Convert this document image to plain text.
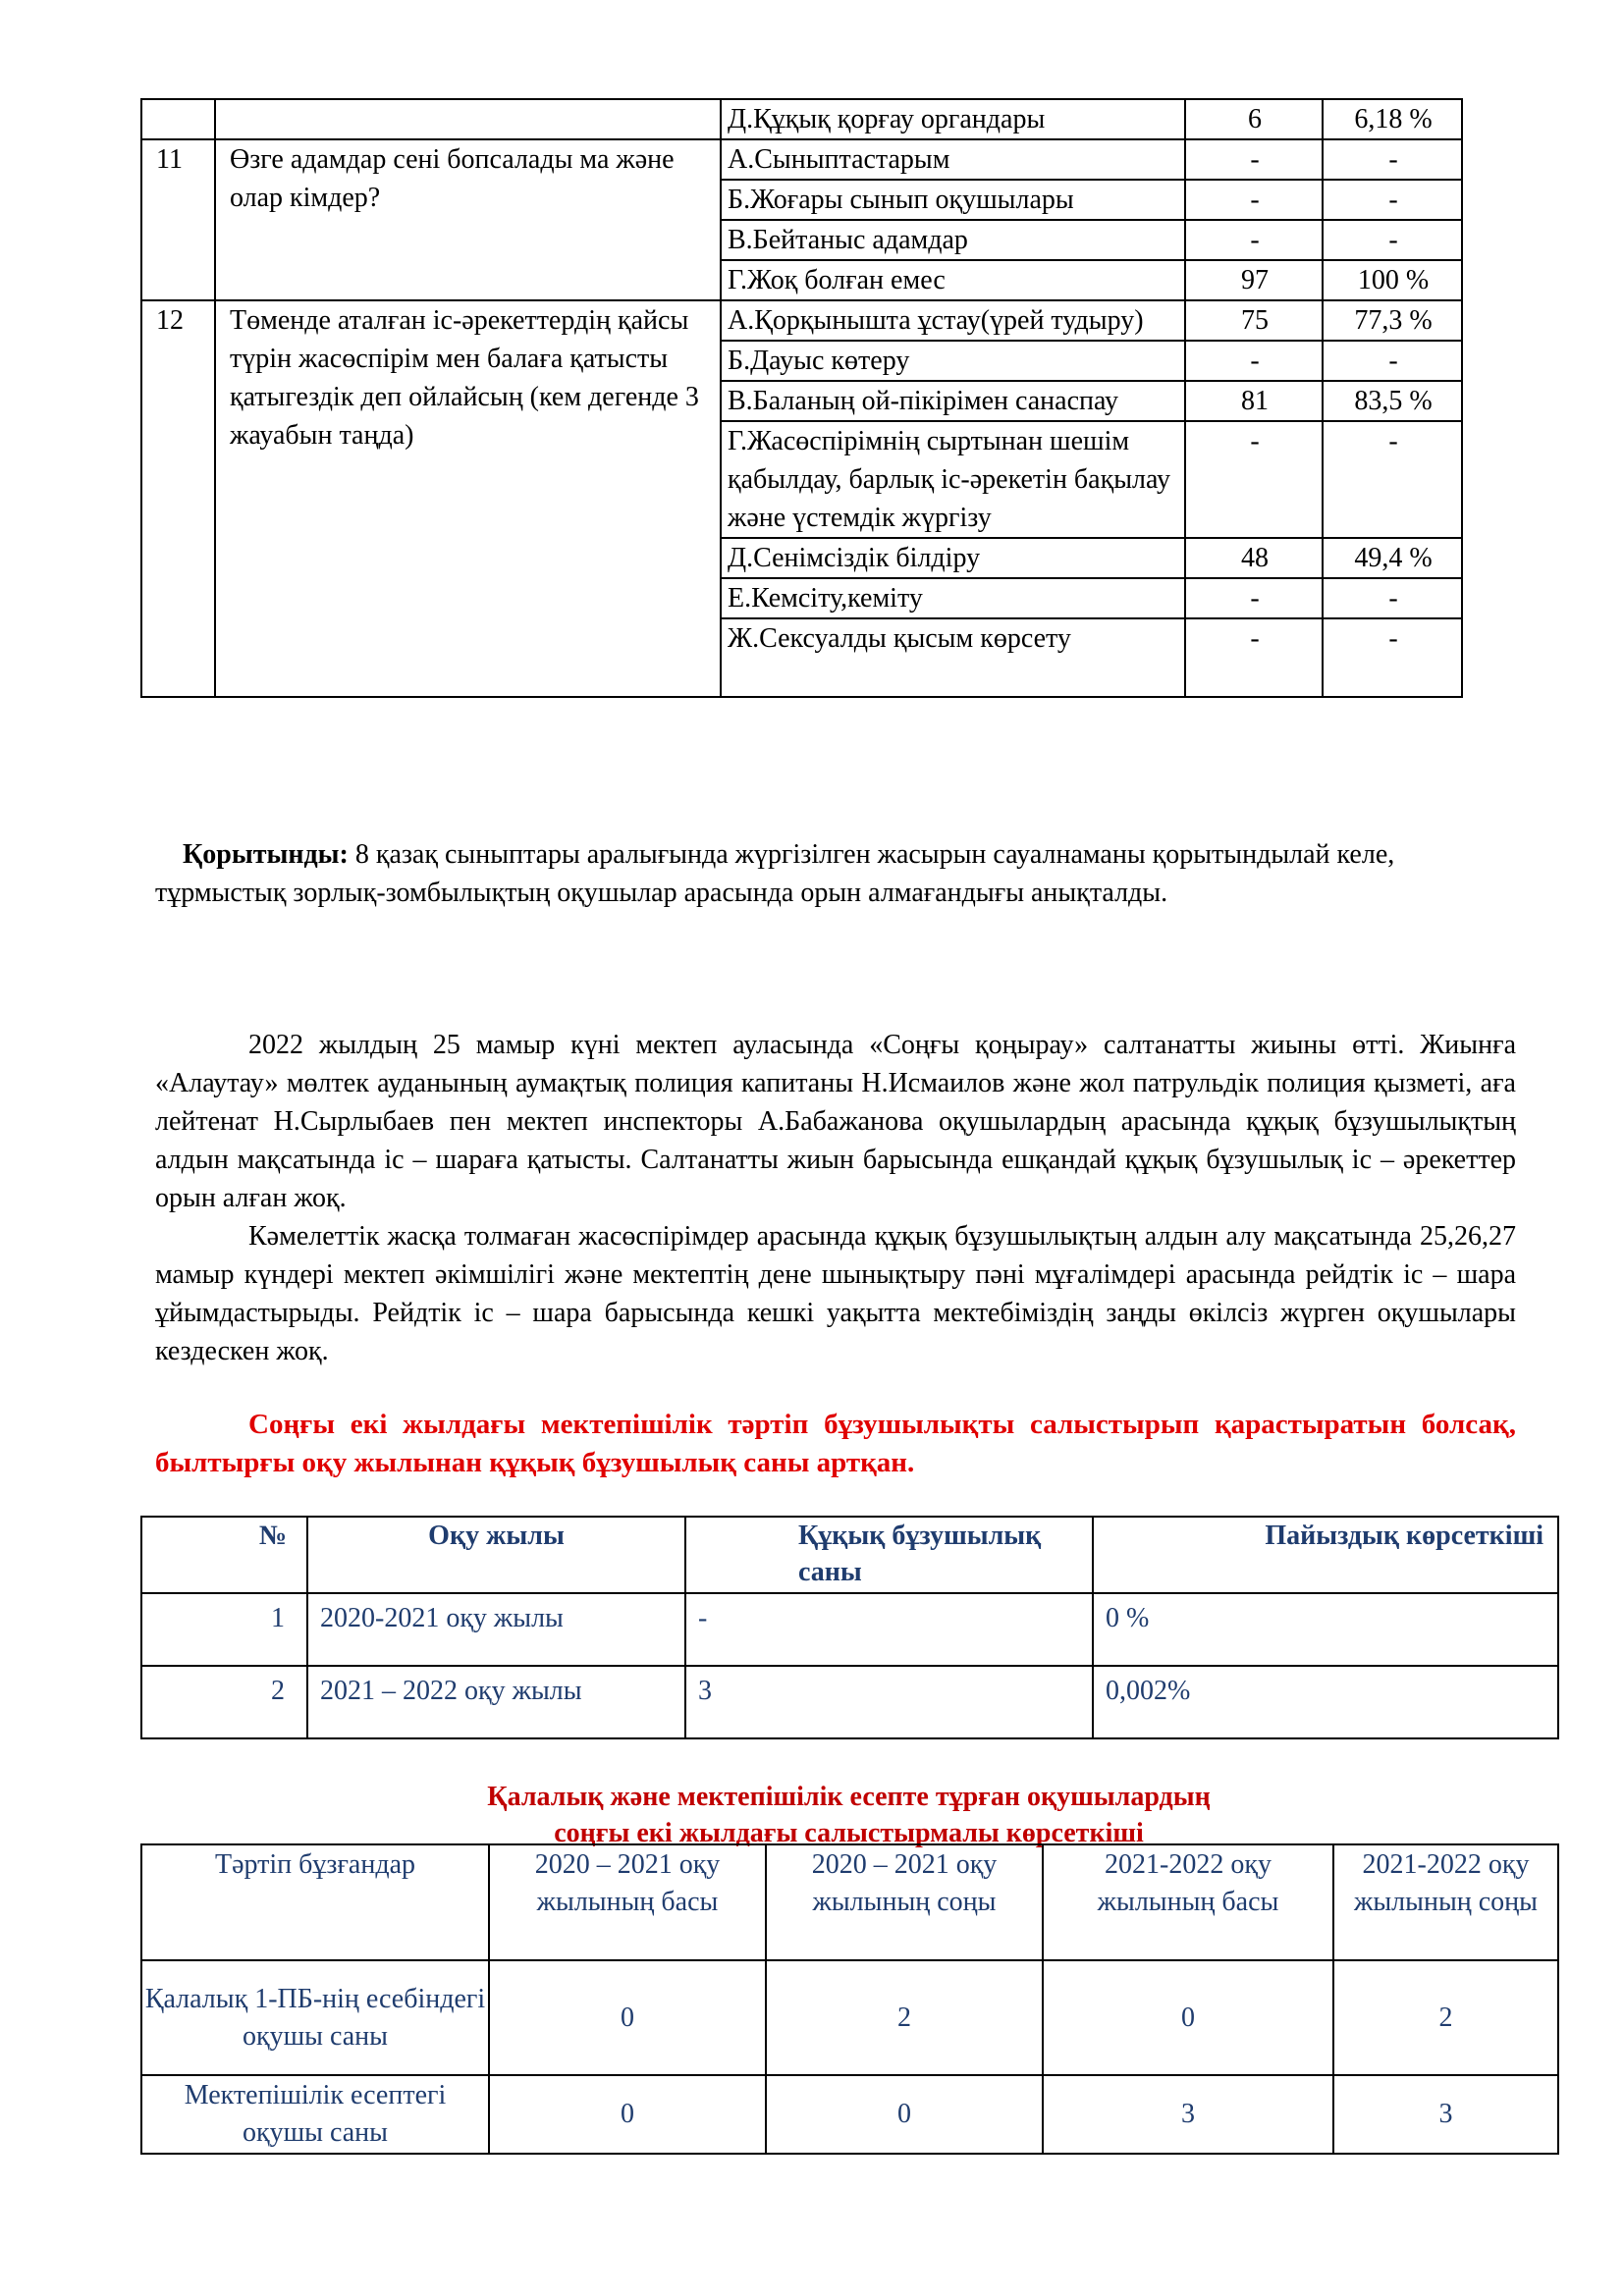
		Д.Құқық қорғау органдары	6	6,18 %
11	Өзге адамдар сені бопсалады ма және олар кімдер?	А.Сыныптастарым	-	-
		Б.Жоғары сынып оқушылары	-	-
		В.Бейтаныс адамдар	-	-
		Г.Жоқ болған емес	97	100 %
12	Төменде аталған іс-әрекеттердің қайсы түрін жасөспірім мен балаға қатысты қатыгездік деп ойлайсың (кем дегенде 3 жауабын таңда)	А.Қорқынышта ұстау(үрей тудыру)	75	77,3 %
		Б.Дауыс көтеру	-	-
		В.Баланың ой-пікірімен санаспау	81	83,5 %
		Г.Жасөспірімнің сыртынан шешім қабылдау, барлық іс-әрекетін бақылау және үстемдік жүргізу	-	-
		Д.Сенімсіздік білдіру	48	49,4 %
		Е.Кемсіту,кеміту	-	-
		Ж.Сексуалды қысым көрсету	-	-

Қорытынды: 8 қазақ сыныптары аралығында жүргізілген жасырын сауалнаманы қорытындылай келе, тұрмыстық зорлық-зомбылықтың оқушылар арасында орын алмағандығы анықталды.

2022 жылдың 25 мамыр күні мектеп ауласында «Соңғы қоңырау» салтанатты жиыны өтті. Жиынға «Алаутау» мөлтек ауданының аумақтық полиция капитаны Н.Исмаилов және жол патрульдік полиция қызметі, аға лейтенат Н.Сырлыбаев пен мектеп инспекторы А.Бабажанова оқушылардың арасында құқық бұзушылықтың алдын мақсатында іс – шараға қатысты. Салтанатты жиын барысында ешқандай құқық бұзушылық іс – әрекеттер орын алған жоқ.

Кәмелеттік жасқа толмаған жасөспірімдер арасында құқық бұзушылықтың алдын алу мақсатында 25,26,27 мамыр күндері мектеп әкімшілігі және мектептің дене шынықтыру пәні мұғалімдері арасында рейдтік іс – шара ұйымдастырыды. Рейдтік іс – шара барысында кешкі уақытта мектебіміздің заңды өкілсіз жүрген оқушылары кездескен жоқ.

Соңғы екі жылдағы мектепішілік тәртіп бұзушылықты салыстырып қарастыратын болсақ, былтырғы оқу жылынан құқық бұзушылық саны артқан.

№	Оқу жылы	Құқық бұзушылық саны	Пайыздық көрсеткіші
1	2020-2021 оқу жылы	-	0 %
2	2021 – 2022 оқу жылы	3	0,002%
Қалалық және мектепішілік есепте тұрған оқушылардың
соңғы екі жылдағы салыстырмалы көрсеткіші
Тәртіп бұзғандар	2020 – 2021 оқу жылының басы	2020 – 2021 оқу жылының соңы	2021-2022 оқу жылының басы	2021-2022 оқу жылының соңы
Қалалық 1-ПБ-нің есебіндегі оқушы саны	0	2	0	2
Мектепішілік есептегі оқушы саны	0	0	3	3
